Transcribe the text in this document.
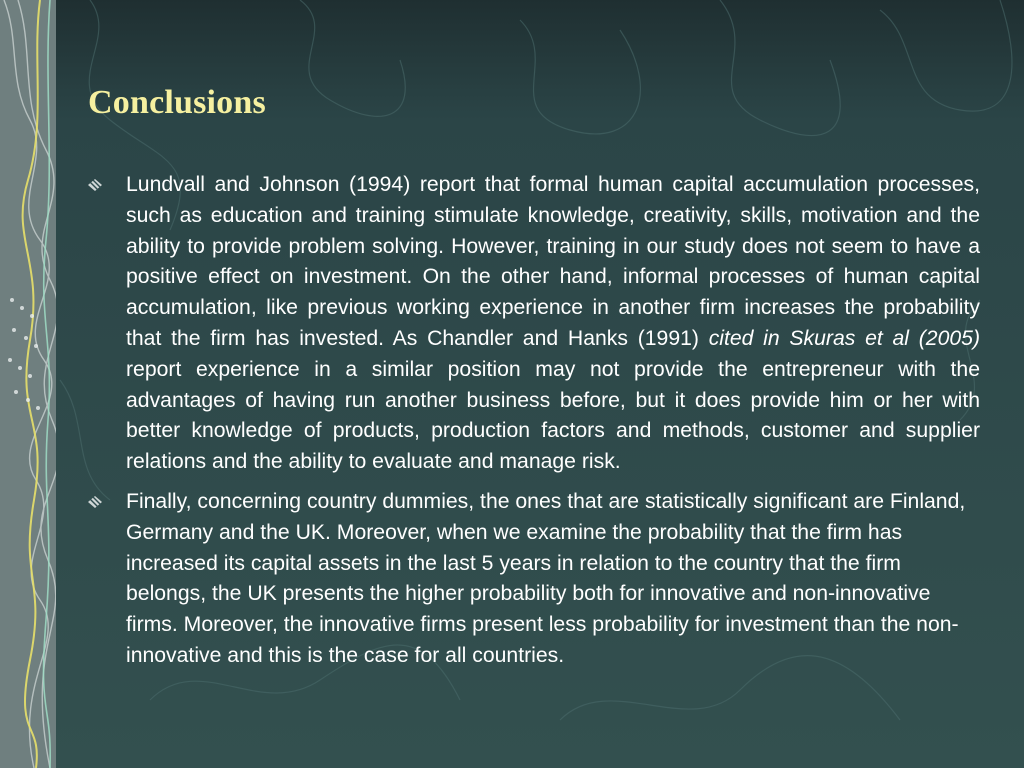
Conclusions

Lundvall and Johnson (1994) report that formal human capital accumulation processes, such as education and training stimulate knowledge, creativity, skills, motivation and the ability to provide problem solving. However, training in our study does not seem to have a positive effect on investment. On the other hand, informal processes of human capital accumulation, like previous working experience in another firm increases the probability that the firm has invested. As Chandler and Hanks (1991) cited in Skuras et al (2005) report experience in a similar position may not provide the entrepreneur with the advantages of having run another business before, but it does provide him or her with better knowledge of products, production factors and methods, customer and supplier relations and the ability to evaluate and manage risk.

Finally, concerning country dummies, the ones that are statistically significant are Finland, Germany and the UK. Moreover, when we examine the probability that the firm has increased its capital assets in the last 5 years in relation to the country that the firm belongs, the UK presents the higher probability both for innovative and non-innovative firms. Moreover, the innovative firms present less probability for investment than the non-innovative and this is the case for all countries.
